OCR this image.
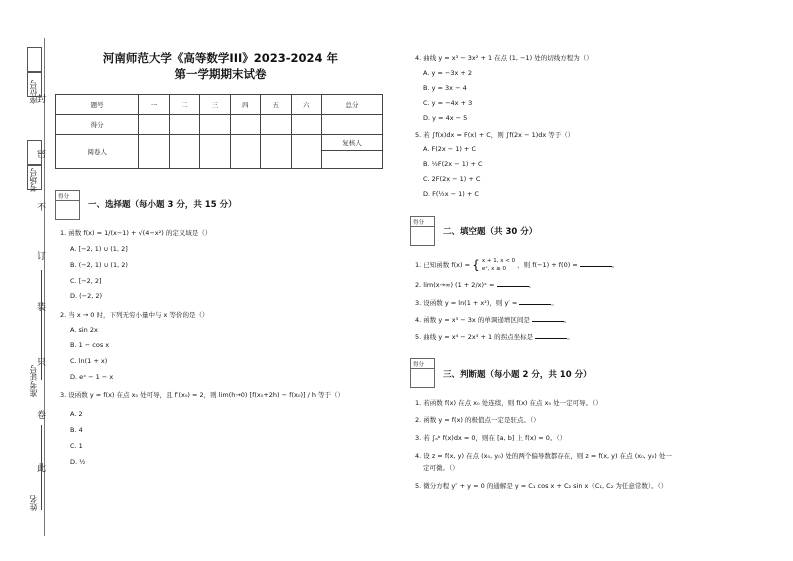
封
密
不
订
装
只
卷
此
座位号
考场号
准考证号
姓名
河南师范大学《高等数学III》2023-2024 年
第一学期期末试卷
题号	一	二	三	四	五	六	总分
得分							
阅卷人							复核人

得分
一、选择题（每小题 3 分，共 15 分）
1. 函数 f(x) = 1/(x−1) + √(4−x²) 的定义域是（）
A. [−2, 1) ∪ (1, 2]
B. (−2, 1) ∪ (1, 2)
C. [−2, 2]
D. (−2, 2)
2. 当 x → 0 时，下列无穷小量中与 x 等价的是（）
A. sin 2x
B. 1 − cos x
C. ln(1 + x)
D. eˣ − 1 − x
3. 设函数 y = f(x) 在点 x₀ 处可导，且 f′(x₀) = 2，则 lim(h→0) [f(x₀+2h) − f(x₀)] / h 等于（）
A. 2
B. 4
C. 1
D. ½
4. 曲线 y = x³ − 3x² + 1 在点 (1, −1) 处的切线方程为（）
A. y = −3x + 2
B. y = 3x − 4
C. y = −4x + 3
D. y = 4x − 5
5. 若 ∫f(x)dx = F(x) + C，则 ∫f(2x − 1)dx 等于（）
A. F(2x − 1) + C
B. ½F(2x − 1) + C
C. 2F(2x − 1) + C
D. F(½x − 1) + C
得分
二、填空题（共 30 分）
1. 已知函数 f(x) = { x + 1, x < 0
eˣ, x ≥ 0 ，则 f(−1) + f(0) =	。
2. lim(x→∞) (1 + 2/x)ˣ =	。
3. 设函数 y = ln(1 + x²)，则 y′ =	。
4. 函数 y = x³ − 3x 的单调递增区间是	。
5. 曲线 y = x⁴ − 2x³ + 1 的拐点坐标是	。
得分
三、判断题（每小题 2 分，共 10 分）
1. 若函数 f(x) 在点 x₀ 处连续，则 f(x) 在点 x₀ 处一定可导。（）
2. 函数 y = f(x) 的极值点一定是驻点。（）
3. 若 ∫ₐᵇ f(x)dx = 0，则在 [a, b] 上 f(x) = 0。（）
4. 设 z = f(x, y) 在点 (x₀, y₀) 处的两个偏导数都存在，则 z = f(x, y) 在点 (x₀, y₀) 处一
定可微。（）
5. 微分方程 y″ + y = 0 的通解是 y = C₁ cos x + C₂ sin x（C₁, C₂ 为任意常数）。（）
